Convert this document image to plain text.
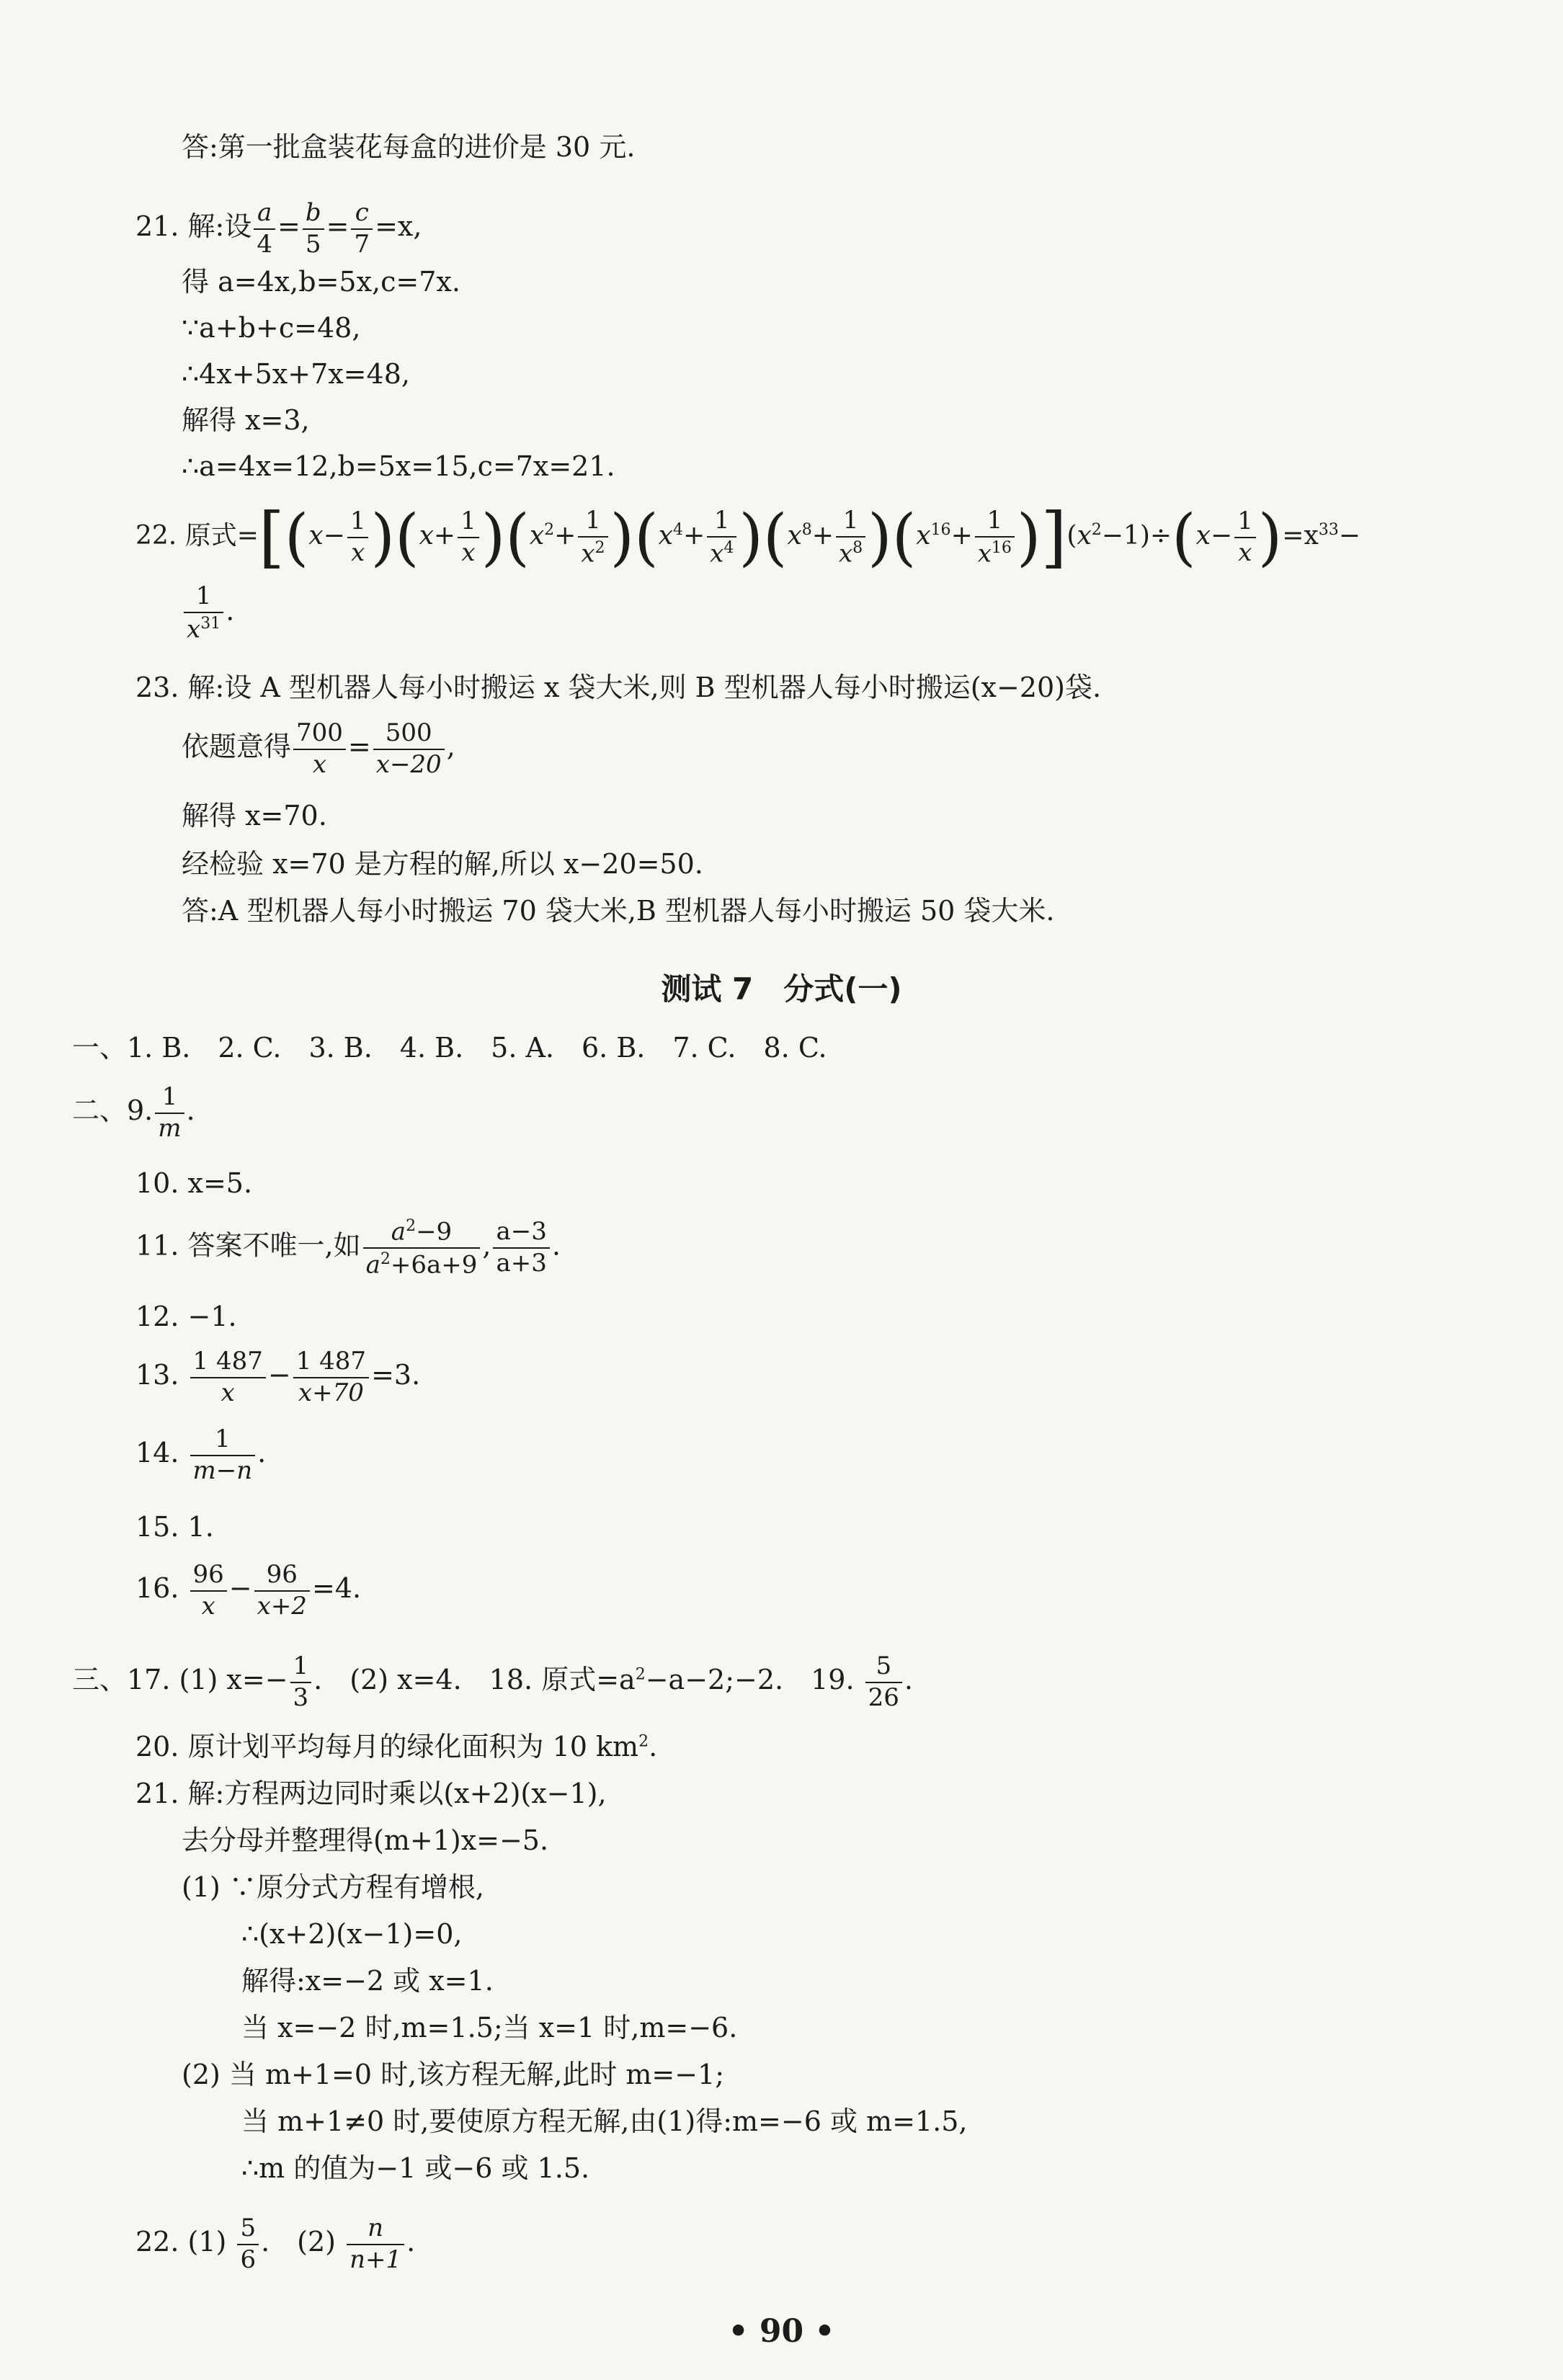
答:第一批盒装花每盒的进价是 30 元.
21. 解:设 $\frac{a}{4} = \frac{b}{5} = \frac{c}{7} =x$,
得 a=4x,b=5x,c=7x.
∵a+b+c=48,
∴4x+5x+7x=48,
解得 x=3,
∴a=4x=12,b=5x=15,c=7x=21.
22. 原式$=[(x- \frac{1}{x} )(x+ \frac{1}{x} )(x^2+ \frac{1}{x^2} )(x^4+ \frac{1}{x^4} )(x^8+ \frac{1}{x^8} )(x^{16}+ \frac{1}{x^{16}} )](x^2-1)\div(x- \frac{1}{x} )=x^{33}-$
$\frac{1}{x^{31}}$ .
23. 解:设 A 型机器人每小时搬运 x 袋大米,则 B 型机器人每小时搬运(x−20)袋.
依题意得 $\frac{700}{x} = \frac{500}{x-20}$ ,
解得 x=70.
经检验 x=70 是方程的解,所以 x−20=50.
答:A 型机器人每小时搬运 70 袋大米,B 型机器人每小时搬运 50 袋大米.
测试 7　分式(一)
一、1. B.　2. C.　3. B.　4. B.　5. A.　6. B.　7. C.　8. C.
二、9. $\frac{1}{m}$ .
10. x=5.
11. 答案不唯一,如 $\frac{a^2-9}{a^2+6a+9}$ , $\frac{a-3}{a+3}$ .
12. −1.
13. $\frac{1 487}{x} - \frac{1 487}{x+70} =3$.
14. $\frac{1}{m-n}$ .
15. 1.
16. $\frac{96}{x} - \frac{96}{x+2} =4$.
三、17. (1) $x=- \frac{1}{3}$ .　(2) x=4.　18. 原式$=a^2-a-2;-2$.　19. $\frac{5}{26}$ .
20. 原计划平均每月的绿化面积为 10 $km^2$.
21. 解:方程两边同时乘以(x+2)(x−1),
去分母并整理得(m+1)x=−5.
(1) ∵原分式方程有增根,
∴(x+2)(x−1)=0,
解得:x=−2 或 x=1.
当 x=−2 时,m=1.5;当 x=1 时,m=−6.
(2) 当 m+1=0 时,该方程无解,此时 m=−1;
当 m+1≠0 时,要使原方程无解,由(1)得:m=−6 或 m=1.5,
∴m 的值为−1 或−6 或 1.5.
22. $(1) \frac{5}{6}$ .　$(2) \frac{n}{n+1}$ .
• 90 •
